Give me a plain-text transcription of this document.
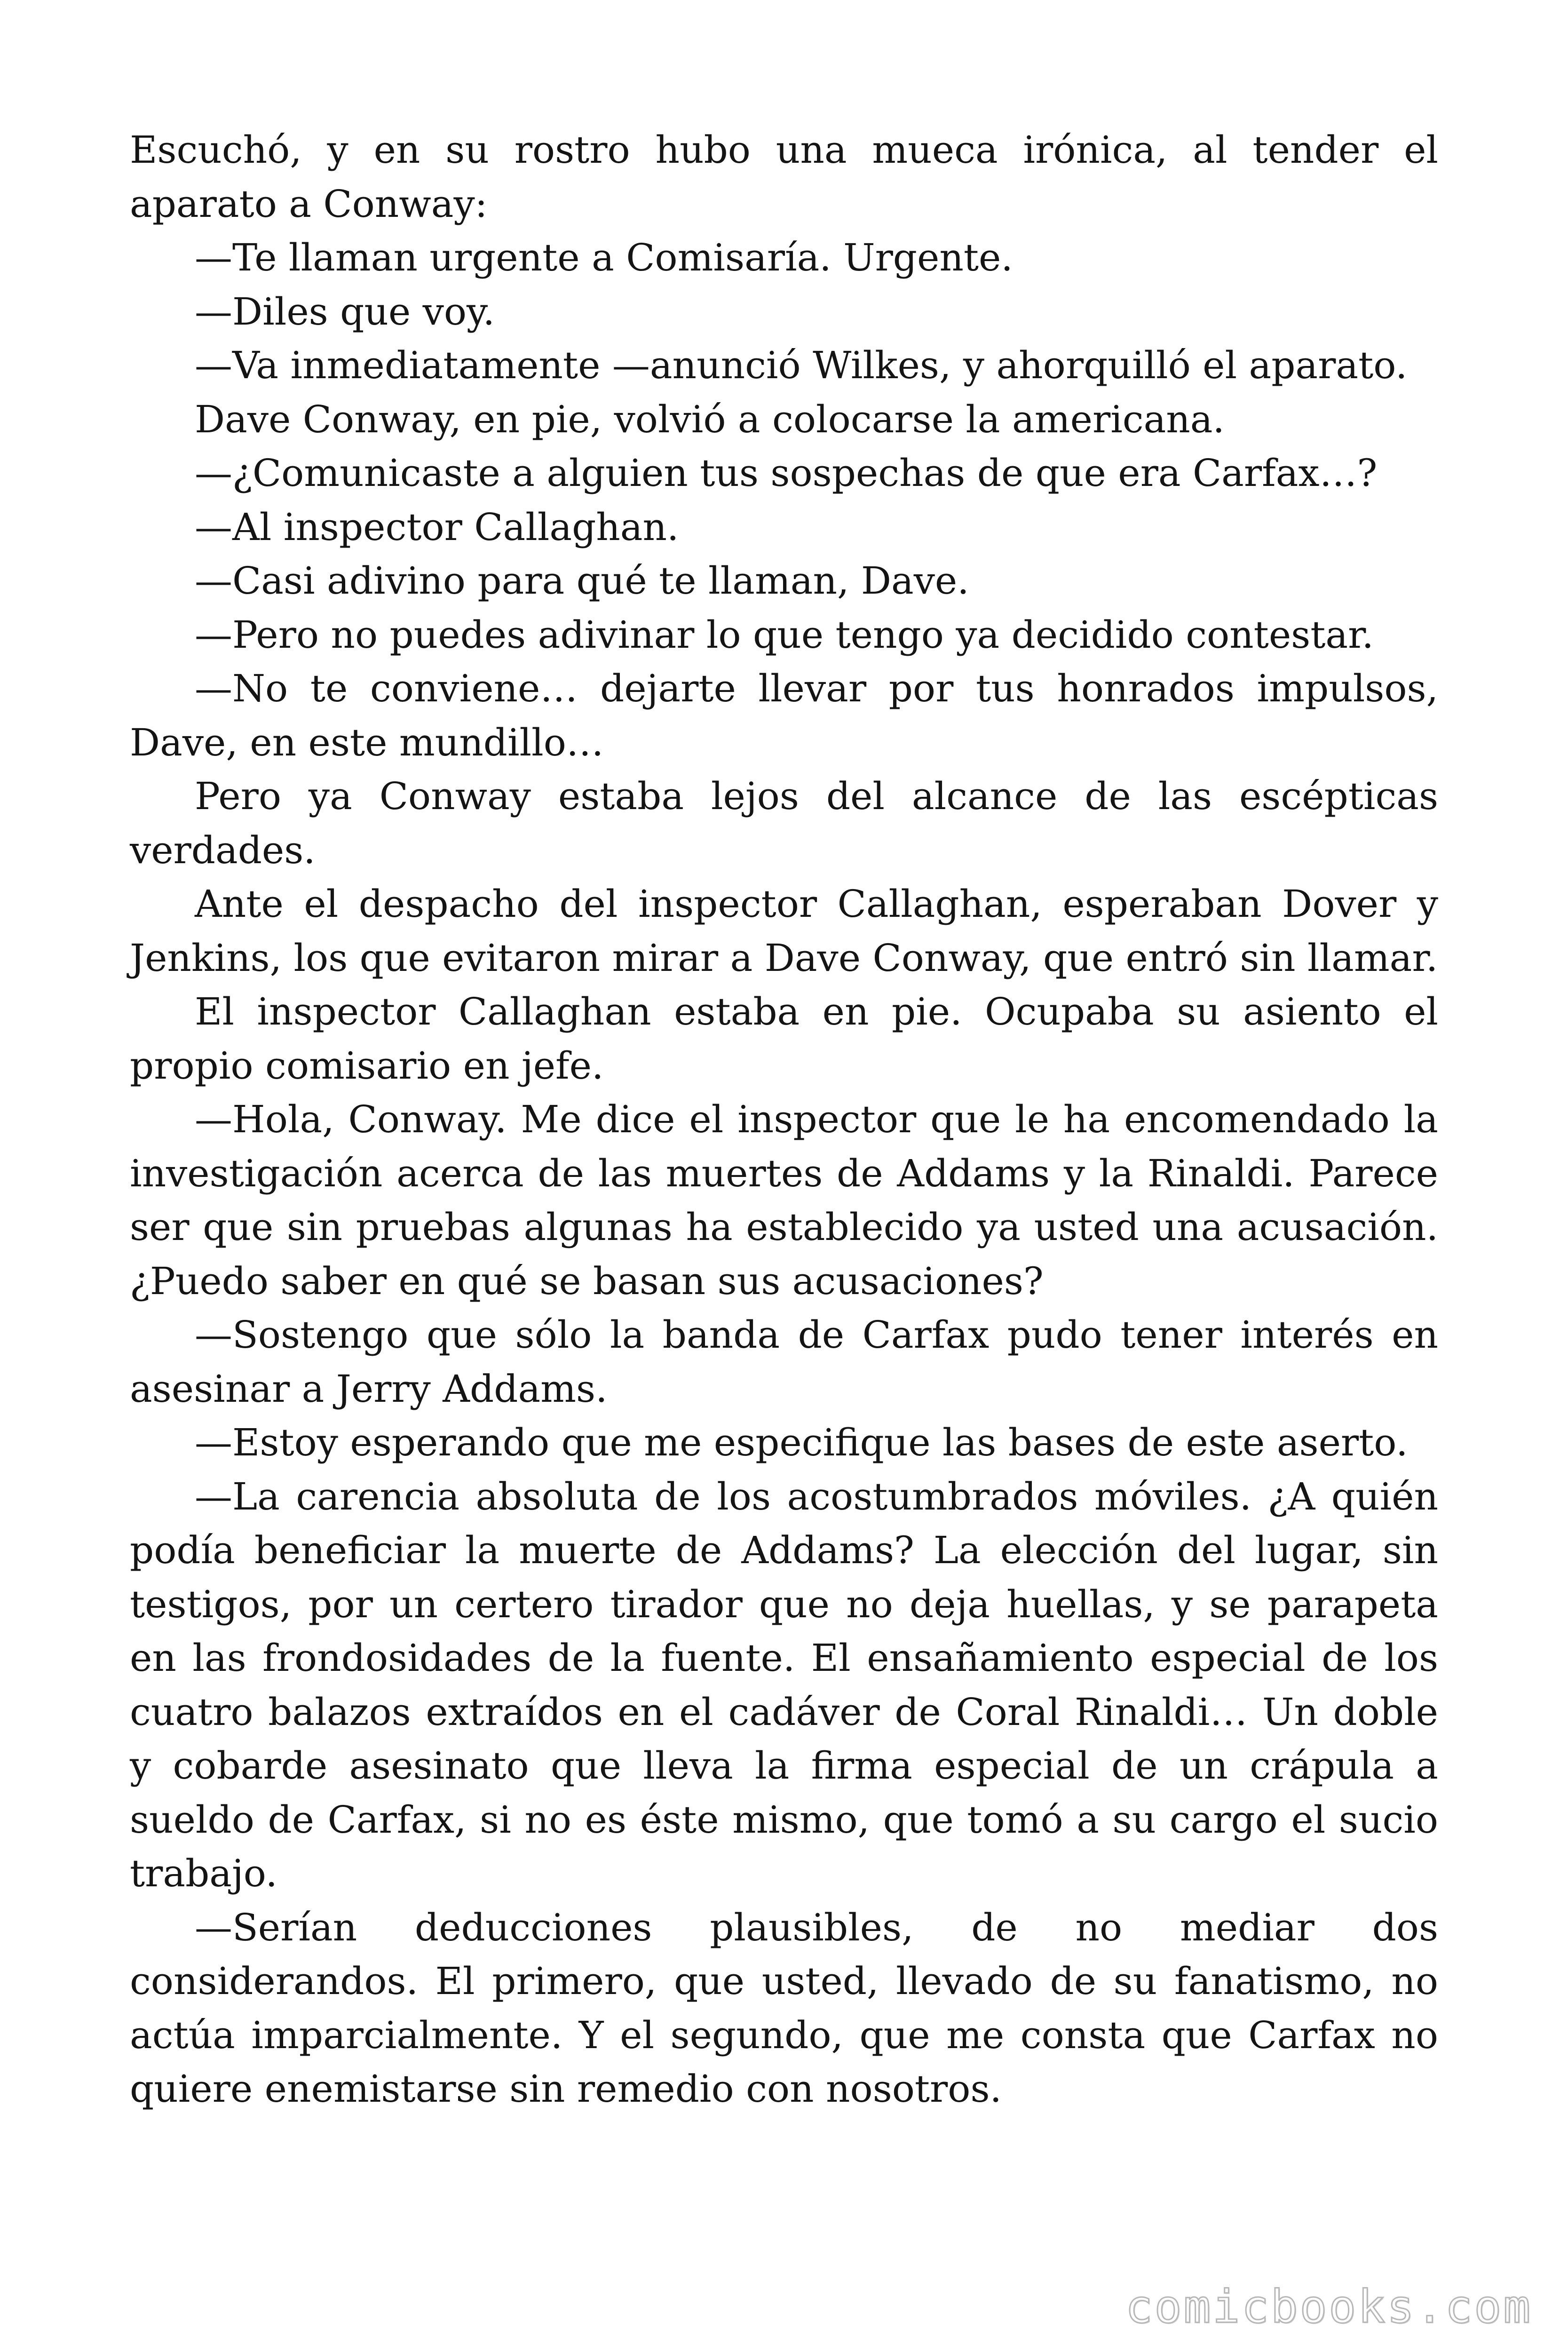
Escuchó, y en su rostro hubo una mueca irónica, al tender el aparato a Conway:

—Te llaman urgente a Comisaría. Urgente.

—Diles que voy.

—Va inmediatamente —anunció Wilkes, y ahorquilló el aparato.

Dave Conway, en pie, volvió a colocarse la americana.

—¿Comunicaste a alguien tus sospechas de que era Carfax…?

—Al inspector Callaghan.

—Casi adivino para qué te llaman, Dave.

—Pero no puedes adivinar lo que tengo ya decidido contestar.

—No te conviene… dejarte llevar por tus honrados impulsos, Dave, en este mundillo…

Pero ya Conway estaba lejos del alcance de las escépticas verdades.

Ante el despacho del inspector Callaghan, esperaban Dover y Jenkins, los que evitaron mirar a Dave Conway, que entró sin llamar.

El inspector Callaghan estaba en pie. Ocupaba su asiento el propio comisario en jefe.

—Hola, Conway. Me dice el inspector que le ha encomendado la investigación acerca de las muertes de Addams y la Rinaldi. Parece ser que sin pruebas algunas ha establecido ya usted una acusación. ¿Puedo saber en qué se basan sus acusaciones?

—Sostengo que sólo la banda de Carfax pudo tener interés en asesinar a Jerry Addams.

—Estoy esperando que me especifique las bases de este aserto.

—La carencia absoluta de los acostumbrados móviles. ¿A quién podía beneficiar la muerte de Addams? La elección del lugar, sin testigos, por un certero tirador que no deja huellas, y se parapeta en las frondosidades de la fuente. El ensañamiento especial de los cuatro balazos extraídos en el cadáver de Coral Rinaldi… Un doble y cobarde asesinato que lleva la firma especial de un crápula a sueldo de Carfax, si no es éste mismo, que tomó a su cargo el sucio trabajo.

—Serían deducciones plausibles, de no mediar dos considerandos. El primero, que usted, llevado de su fanatismo, no actúa imparcialmente. Y el segundo, que me consta que Carfax no quiere enemistarse sin remedio con nosotros.

comicbooks.com
